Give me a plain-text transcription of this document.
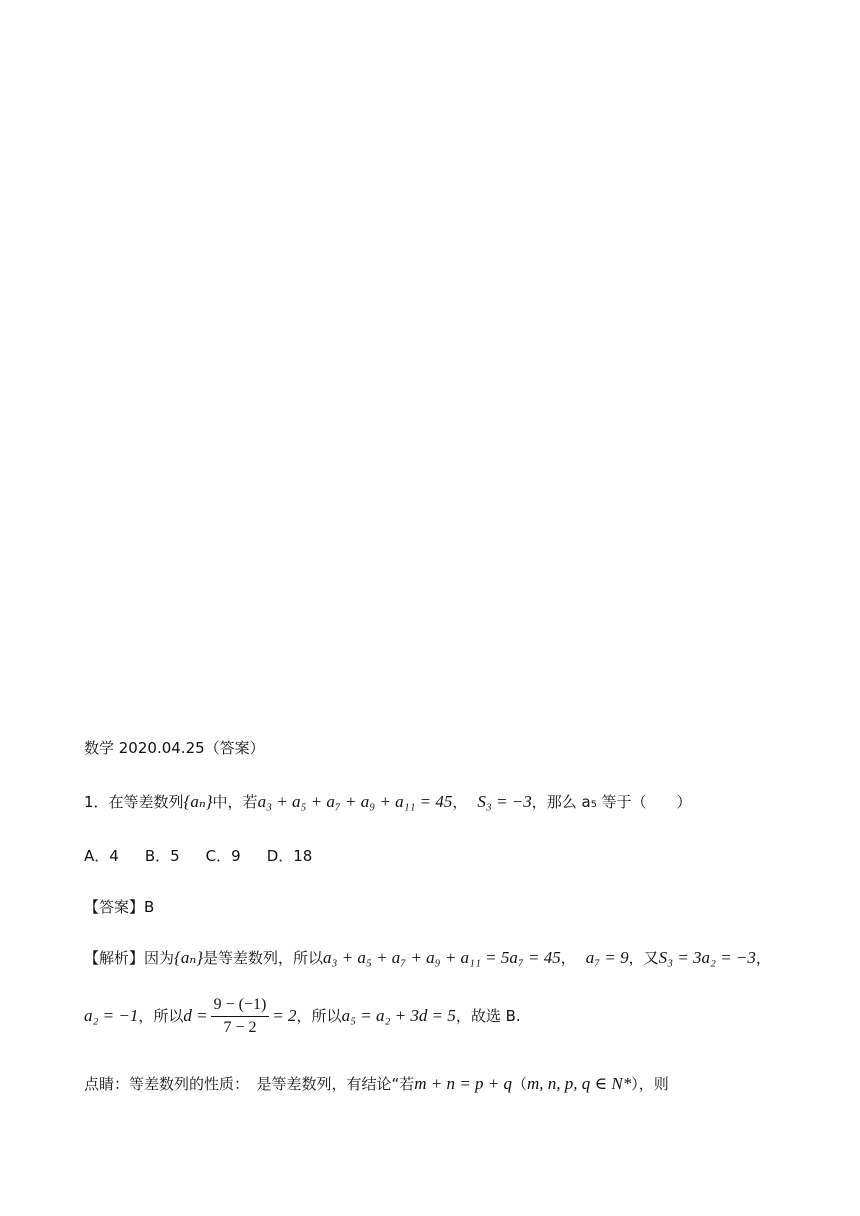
数学 2020.04.25（答案）
1．在等差数列{aₙ}中，若a₃ + a₅ + a₇ + a₉ + a₁₁ = 45， S₃ = −3，那么 a₅ 等于（　　）
A．4 B．5 C．9 D．18
【答案】B
【解析】因为{aₙ}是等差数列，所以a₃ + a₅ + a₇ + a₉ + a₁₁ = 5a₇ = 45， a₇ = 9，又S₃ = 3a₂ = −3，
a₂ = −1，所以$d = \frac{9 - (-1)}{7 - 2} = 2$，所以a₅ = a₂ + 3d = 5，故选 B.
点睛：等差数列的性质：　是等差数列，有结论“若m + n = p + q（m, n, p, q ∈ N*），则
